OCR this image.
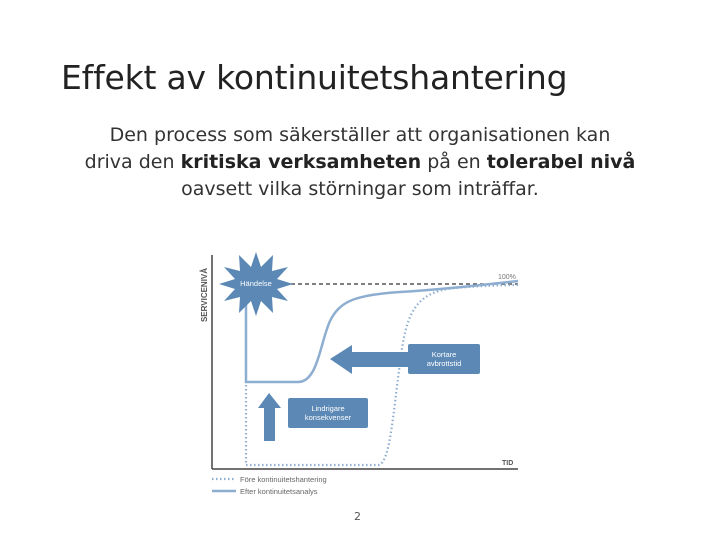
Effekt av kontinuitetshantering
Den process som säkerställer att organisationen kan
driva den kritiska verksamheten på en tolerabel nivå
oavsett vilka störningar som inträffar.
SERVICENIVÅ
TID
100%
Händelse
Kortare
avbrottstid
Lindrigare
konsekvenser
Före kontinuitetshantering
Efter kontinuitetsanalys
2
